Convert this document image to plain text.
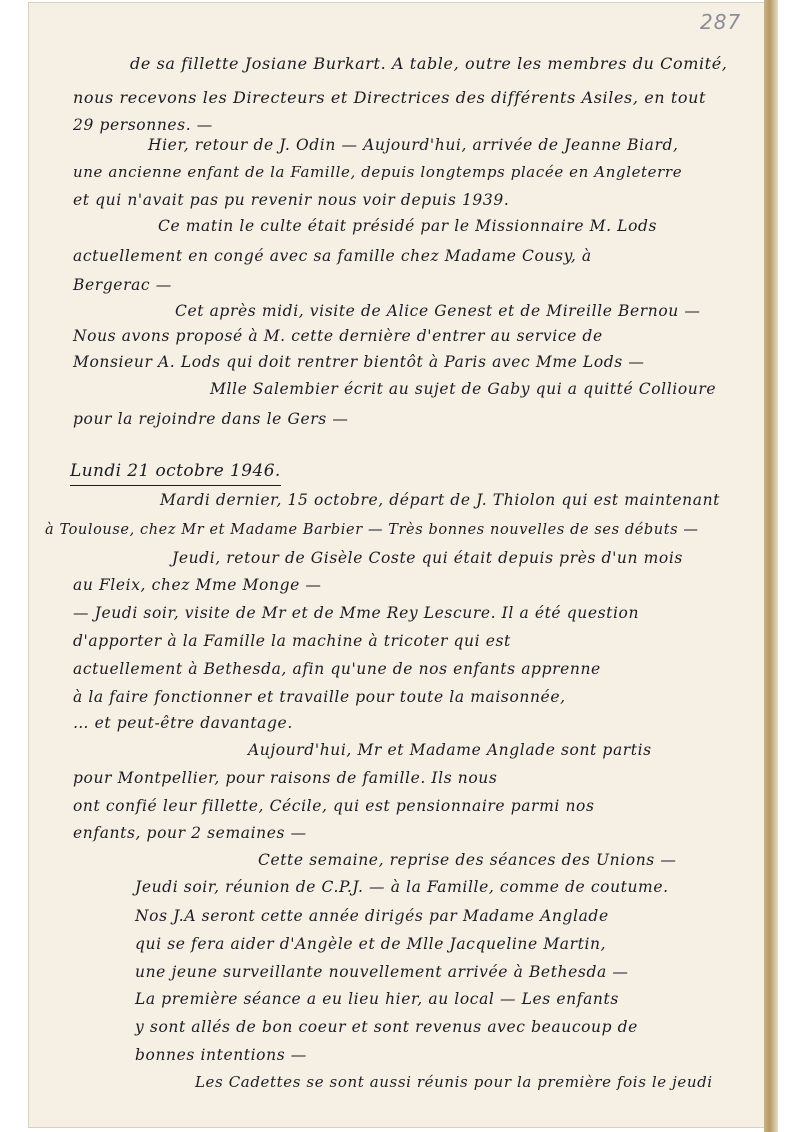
287
de sa fillette Josiane Burkart. A table, outre les membres du Comité,
nous recevons les Directeurs et Directrices des différents Asiles, en tout
29 personnes. —
Hier, retour de J. Odin — Aujourd'hui, arrivée de Jeanne Biard,
une ancienne enfant de la Famille, depuis longtemps placée en Angleterre
et qui n'avait pas pu revenir nous voir depuis 1939.
Ce matin le culte était présidé par le Missionnaire M. Lods
actuellement en congé avec sa famille chez Madame Cousy, à
Bergerac —
Cet après midi, visite de Alice Genest et de Mireille Bernou —
Nous avons proposé à M. cette dernière d'entrer au service de
Monsieur A. Lods qui doit rentrer bientôt à Paris avec Mme Lods —
Mlle Salembier écrit au sujet de Gaby qui a quitté Collioure
pour la rejoindre dans le Gers —
Lundi 21 octobre 1946.
Mardi dernier, 15 octobre, départ de J. Thiolon qui est maintenant
à Toulouse, chez Mr et Madame Barbier — Très bonnes nouvelles de ses débuts —
Jeudi, retour de Gisèle Coste qui était depuis près d'un mois
au Fleix, chez Mme Monge —
— Jeudi soir, visite de Mr et de Mme Rey Lescure. Il a été question
d'apporter à la Famille la machine à tricoter qui est
actuellement à Bethesda, afin qu'une de nos enfants apprenne
à la faire fonctionner et travaille pour toute la maisonnée,
… et peut-être davantage.
Aujourd'hui, Mr et Madame Anglade sont partis
pour Montpellier, pour raisons de famille. Ils nous
ont confié leur fillette, Cécile, qui est pensionnaire parmi nos
enfants, pour 2 semaines —
Cette semaine, reprise des séances des Unions —
Jeudi soir, réunion de C.P.J. — à la Famille, comme de coutume.
Nos J.A seront cette année dirigés par Madame Anglade
qui se fera aider d'Angèle et de Mlle Jacqueline Martin,
une jeune surveillante nouvellement arrivée à Bethesda —
La première séance a eu lieu hier, au local — Les enfants
y sont allés de bon coeur et sont revenus avec beaucoup de
bonnes intentions —
Les Cadettes se sont aussi réunis pour la première fois le jeudi
